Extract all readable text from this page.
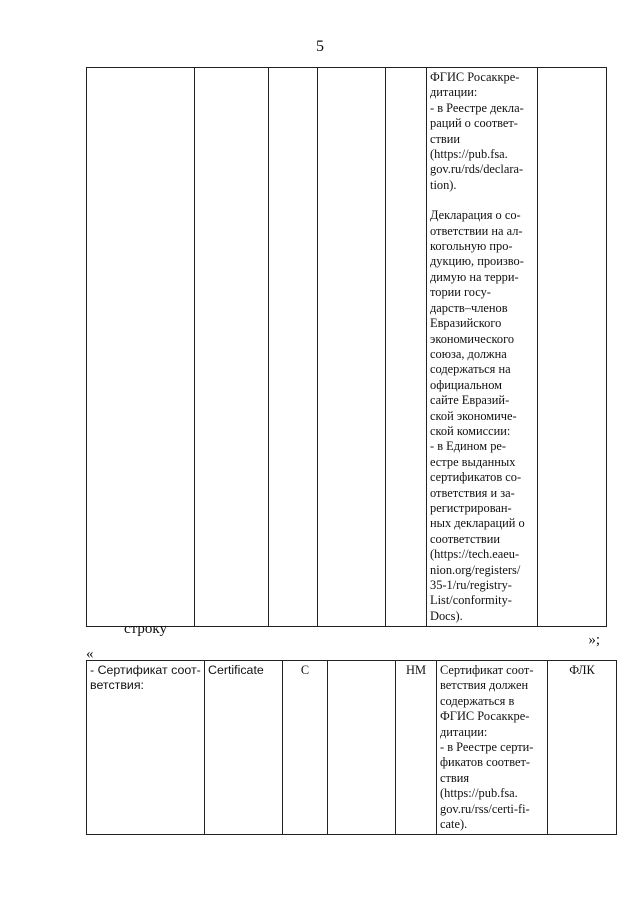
5

ФГИС Росаккре-
дитации:
- в Реестре декла-
раций о соответ-
ствии
(https://pub.fsa.
gov.ru/rds/declara-
tion).
Декларация о со-
ответствии на ал-
когольную про-
дукцию, произво-
димую на терри-
тории госу-
дарств–членов
Евразийского
экономического
союза, должна
содержаться на
официальном
сайте Евразий-
ской экономиче-
ской комиссии:
- в Едином ре-
естре выданных
сертификатов со-
ответствия и за-
регистрирован-
ных деклараций о
соответствии
(https://tech.eaeu-
nion.org/registers/
35-1/ru/registry-
List/conformity-
Docs).

»;
строку
«
- Сертификат соот-
ветствия:	Certificate	С		НМ	Сертификат соот-
ветствия должен
содержаться в
ФГИС Росаккре-
дитации:
- в Реестре серти-
фикатов соответ-
ствия
(https://pub.fsa.
gov.ru/rss/certi-fi-
cate).	ФЛК
